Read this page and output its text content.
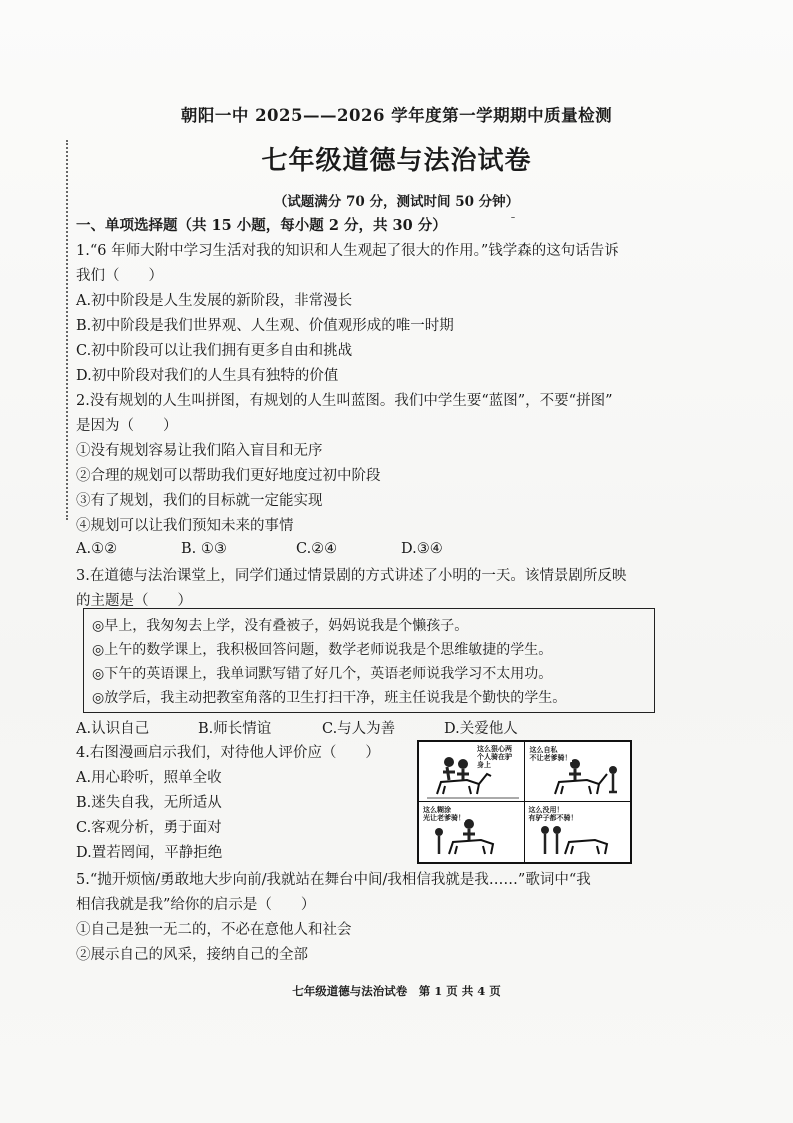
朝阳一中 2025——2026 学年度第一学期期中质量检测
七年级道德与法治试卷
（试题满分 70 分，测试时间 50 分钟）
ˉ
一、单项选择题（共 15 小题，每小题 2 分，共 30 分）
1.“6 年师大附中学习生活对我的知识和人生观起了很大的作用。”钱学森的这句话告诉
我们（　　）
A.初中阶段是人生发展的新阶段，非常漫长
B.初中阶段是我们世界观、人生观、价值观形成的唯一时期
C.初中阶段可以让我们拥有更多自由和挑战
D.初中阶段对我们的人生具有独特的价值
2.没有规划的人生叫拼图，有规划的人生叫蓝图。我们中学生要“蓝图”，不要“拼图”
是因为（　　）
①没有规划容易让我们陷入盲目和无序
②合理的规划可以帮助我们更好地度过初中阶段
③有了规划，我们的目标就一定能实现
④规划可以让我们预知未来的事情
A.①②	B. ①③	C.②④	D.③④
3.在道德与法治课堂上，同学们通过情景剧的方式讲述了小明的一天。该情景剧所反映
的主题是（　　）
◎早上，我匆匆去上学，没有叠被子，妈妈说我是个懒孩子。
◎上午的数学课上，我积极回答问题，数学老师说我是个思维敏捷的学生。
◎下午的英语课上，我单词默写错了好几个，英语老师说我学习不太用功。
◎放学后，我主动把教室角落的卫生打扫干净，班主任说我是个勤快的学生。
A.认识自己	B.师长情谊	C.与人为善	D.关爱他人
4.右图漫画启示我们，对待他人评价应（　　）
A.用心聆听，照单全收
B.迷失自我，无所适从
C.客观分析，勇于面对
D.置若罔闻，平静拒绝
这么狠心两
个人骑在驴
身上
这么自私
不让老爹骑！
这么糊涂
光让老爹骑！
这么没用！
有驴子都不骑！
5.“抛开烦恼/勇敢地大步向前/我就站在舞台中间/我相信我就是我……”歌词中“我
相信我就是我”给你的启示是（　　）
①自己是独一无二的，不必在意他人和社会
②展示自己的风采，接纳自己的全部
七年级道德与法治试卷　第 1 页 共 4 页
